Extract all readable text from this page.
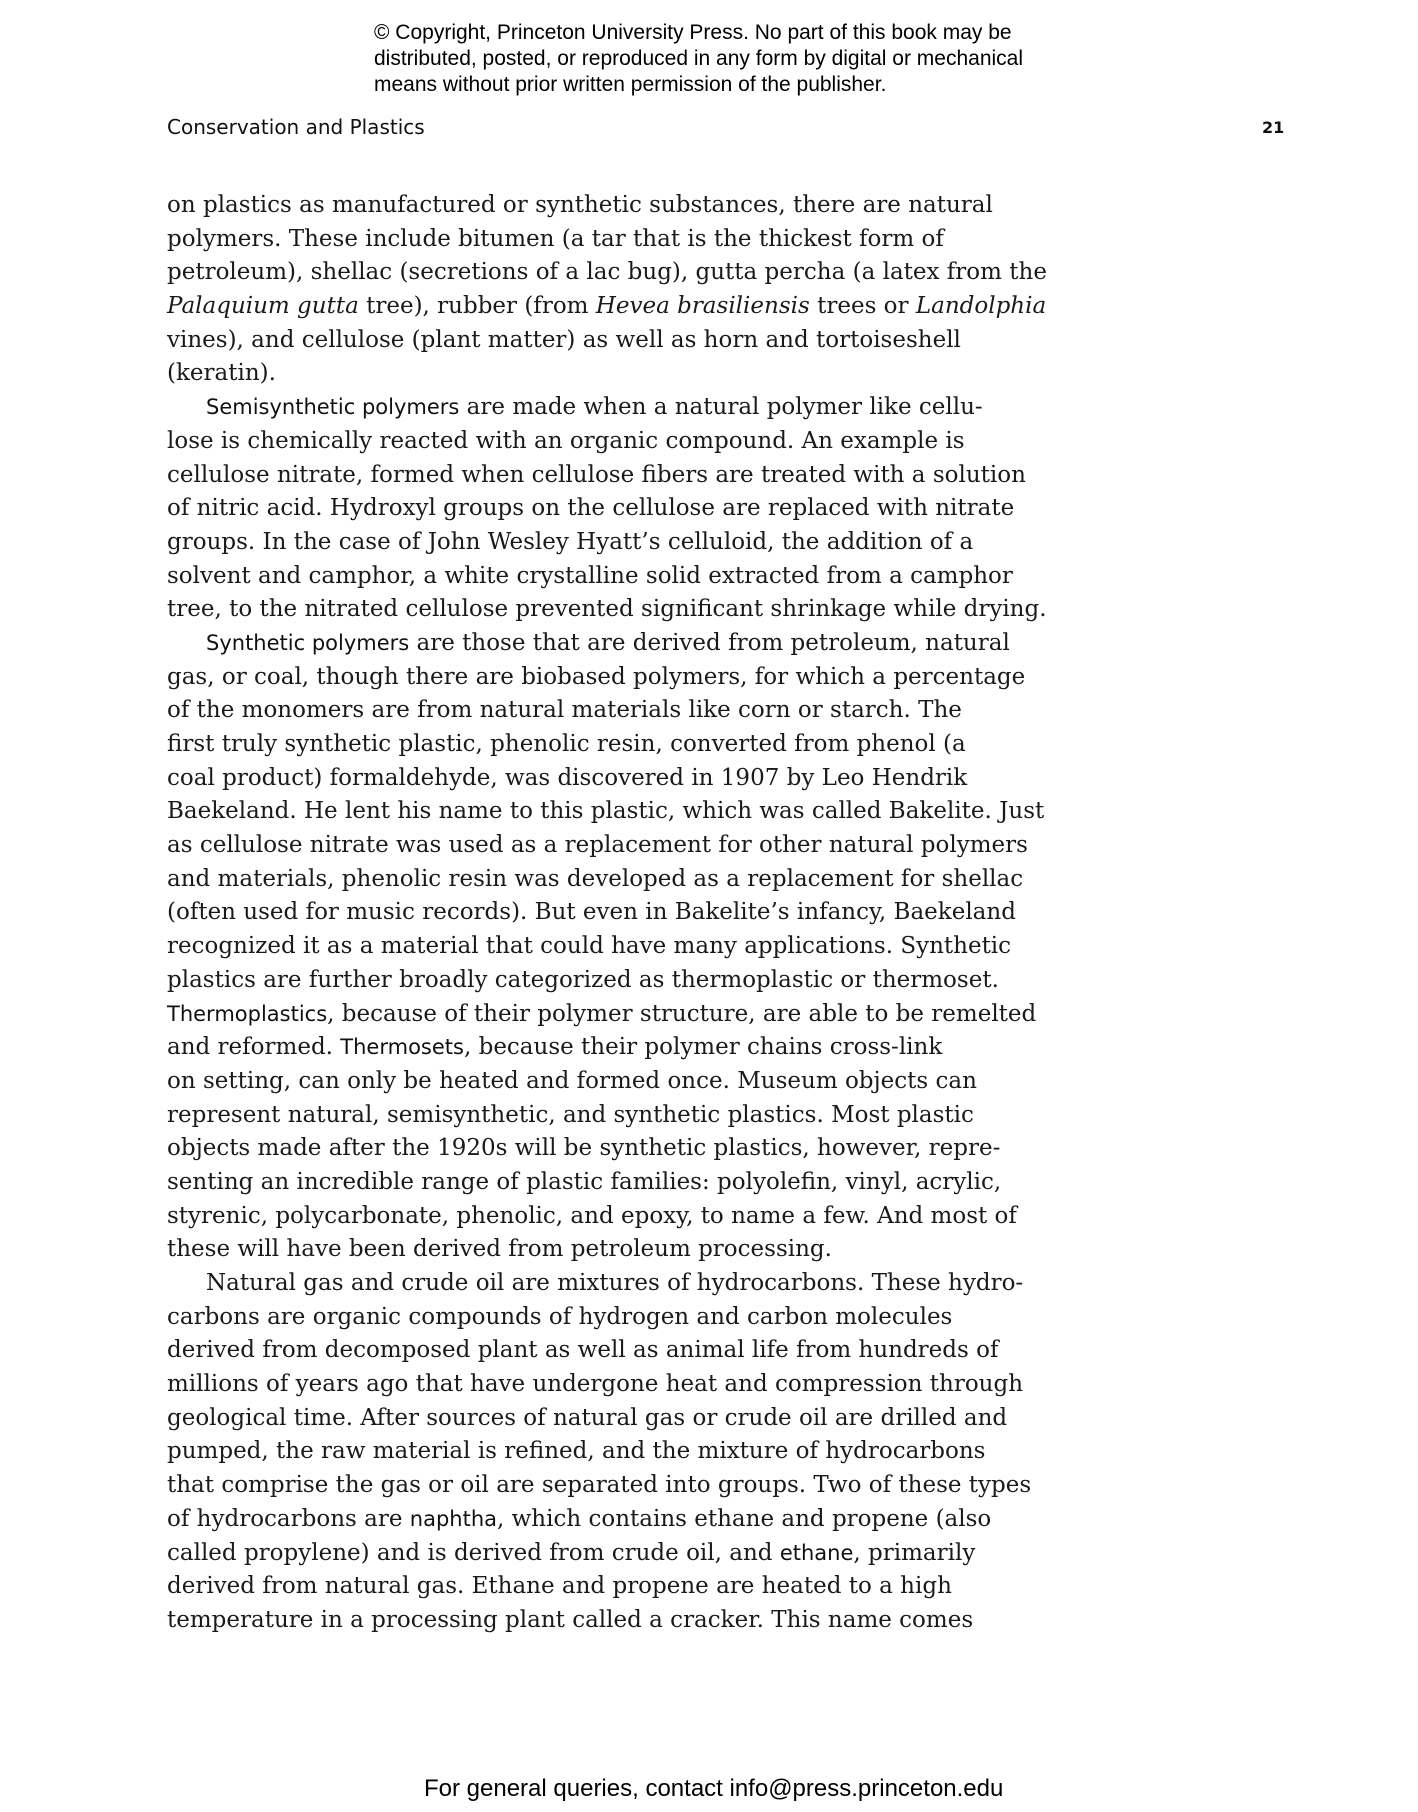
© Copyright, Princeton University Press. No part of this book may be
distributed, posted, or reproduced in any form by digital or mechanical
means without prior written permission of the publisher.
Conservation and Plastics	21
on plastics as manufactured or synthetic substances, there are natural
polymers. These include bitumen (a tar that is the thickest form of
petroleum), shellac (secretions of a lac bug), gutta percha (a latex from the
Palaquium gutta tree), rubber (from Hevea brasiliensis trees or Landolphia
vines), and cellulose (plant matter) as well as horn and tortoiseshell
(keratin).
Semisynthetic polymers are made when a natural polymer like cellu-
lose is chemically reacted with an organic compound. An example is
cellulose nitrate, formed when cellulose fibers are treated with a solution
of nitric acid. Hydroxyl groups on the cellulose are replaced with nitrate
groups. In the case of John Wesley Hyatt’s celluloid, the addition of a
solvent and camphor, a white crystalline solid extracted from a camphor
tree, to the nitrated cellulose prevented significant shrinkage while drying.
Synthetic polymers are those that are derived from petroleum, natural
gas, or coal, though there are biobased polymers, for which a percentage
of the monomers are from natural materials like corn or starch. The
first truly synthetic plastic, phenolic resin, converted from phenol (a
coal product) formaldehyde, was discovered in 1907 by Leo Hendrik
Baekeland. He lent his name to this plastic, which was called Bakelite. Just
as cellulose nitrate was used as a replacement for other natural polymers
and materials, phenolic resin was developed as a replacement for shellac
(often used for music records). But even in Bakelite’s infancy, Baekeland
recognized it as a material that could have many applications. Synthetic
plastics are further broadly categorized as thermoplastic or thermoset.
Thermoplastics, because of their polymer structure, are able to be remelted
and reformed. Thermosets, because their polymer chains cross-link
on setting, can only be heated and formed once. Museum objects can
represent natural, semisynthetic, and synthetic plastics. Most plastic
objects made after the 1920s will be synthetic plastics, however, repre-
senting an incredible range of plastic families: polyolefin, vinyl, acrylic,
styrenic, polycarbonate, phenolic, and epoxy, to name a few. And most of
these will have been derived from petroleum processing.
Natural gas and crude oil are mixtures of hydrocarbons. These hydro-
carbons are organic compounds of hydrogen and carbon molecules
derived from decomposed plant as well as animal life from hundreds of
millions of years ago that have undergone heat and compression through
geological time. After sources of natural gas or crude oil are drilled and
pumped, the raw material is refined, and the mixture of hydrocarbons
that comprise the gas or oil are separated into groups. Two of these types
of hydrocarbons are naphtha, which contains ethane and propene (also
called propylene) and is derived from crude oil, and ethane, primarily
derived from natural gas. Ethane and propene are heated to a high
temperature in a processing plant called a cracker. This name comes
For general queries, contact info@press.princeton.edu
